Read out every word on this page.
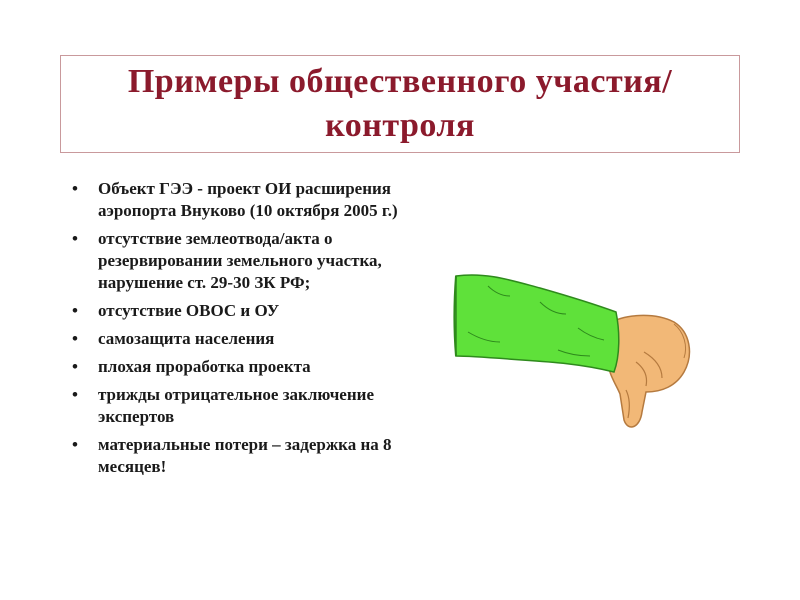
Примеры общественного участия/контроля
• Объект ГЭЭ - проект ОИ расширения аэропорта Внуково (10 октября 2005 г.)
• отсутствие землеотвода/акта о резервировании земельного участка, нарушение ст. 29-30 ЗК РФ;
• отсутствие ОВОС и ОУ
• самозащита населения
• плохая проработка проекта
• трижды отрицательное заключение экспертов
• материальные потери – задержка на 8 месяцев!
